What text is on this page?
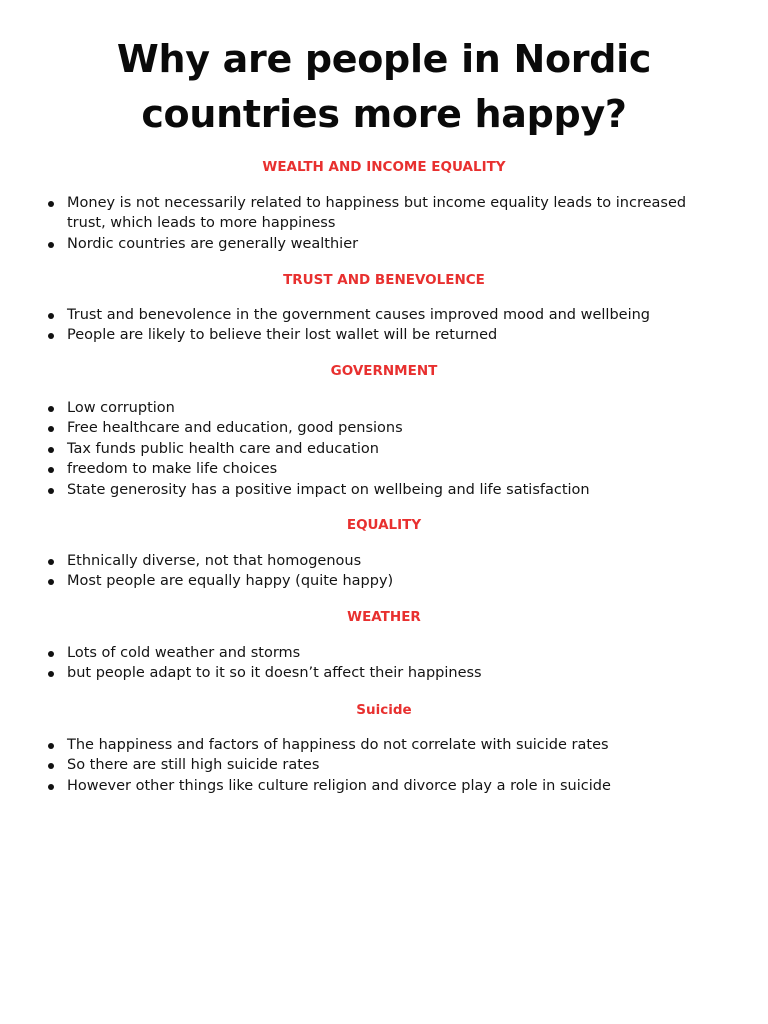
Why are people in Nordic countries more happy?
WEALTH AND INCOME EQUALITY
Money is not necessarily related to happiness but income equality leads to increased trust, which leads to more happiness
Nordic countries are generally wealthier
TRUST AND BENEVOLENCE
Trust and benevolence in the government causes improved mood and wellbeing
People are likely to believe their lost wallet will be returned
GOVERNMENT
Low corruption
Free healthcare and education, good pensions
Tax funds public health care and education
freedom to make life choices
State generosity has a positive impact on wellbeing and life satisfaction
EQUALITY
Ethnically diverse, not that homogenous
Most people are equally happy (quite happy)
WEATHER
Lots of cold weather and storms
but people adapt to it so it doesn’t affect their happiness
Suicide
The happiness and factors of happiness do not correlate with suicide rates
So there are still high suicide rates
However other things like culture religion and divorce play a role in suicide
